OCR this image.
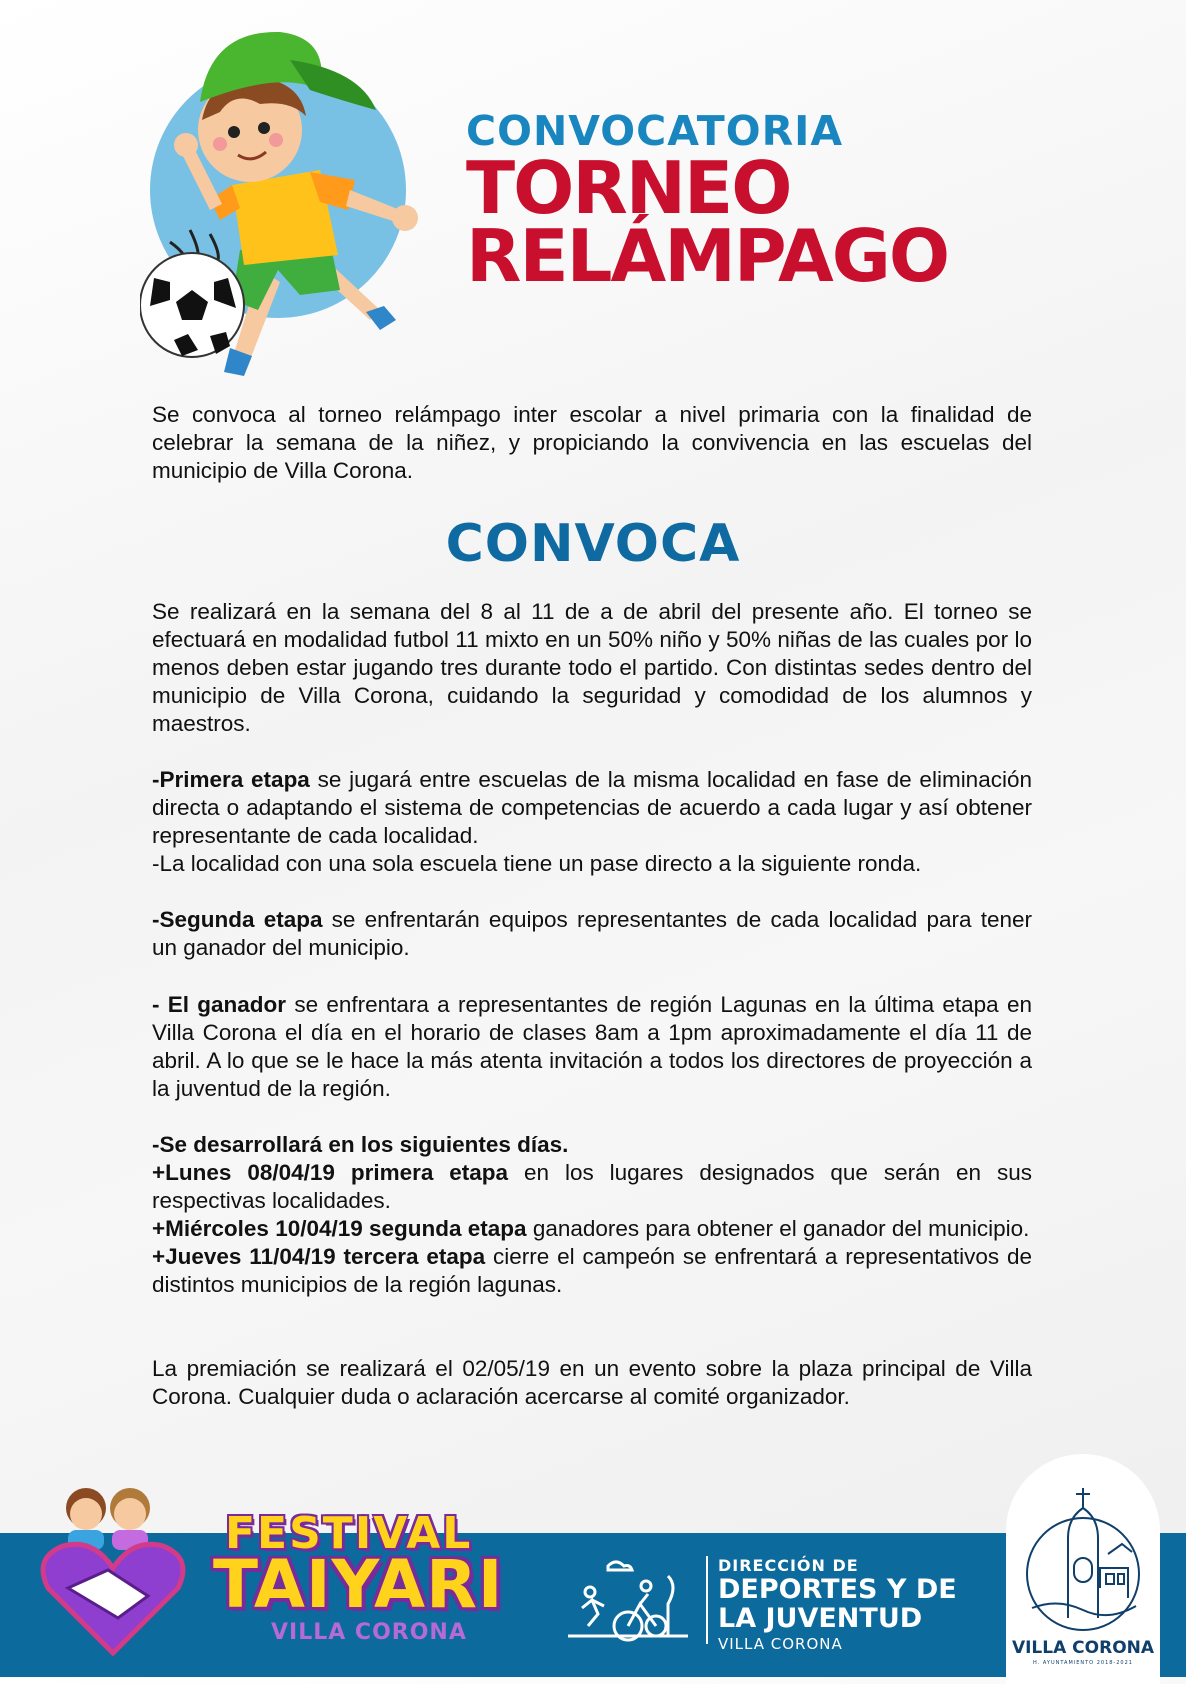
CONVOCATORIA
TORNEO
RELÁMPAGO

Se convoca al torneo relámpago inter escolar a nivel primaria con la finalidad de celebrar la semana de la niñez, y propiciando la convivencia en las escuelas del municipio de Villa Corona.

CONVOCA

Se realizará en la semana del 8 al 11 de a de abril del presente año. El torneo se efectuará en modalidad futbol 11 mixto en un 50% niño y 50% niñas de las cuales por lo menos deben estar jugando tres durante todo el partido. Con distintas sedes dentro del municipio de Villa Corona, cuidando la seguridad y comodidad de los alumnos y maestros.

-Primera etapa se jugará entre escuelas de la misma localidad en fase de eliminación directa o adaptando el sistema de competencias de acuerdo a cada lugar y así obtener representante de cada localidad.

-La localidad con una sola escuela tiene un pase directo a la siguiente ronda.

-Segunda etapa se enfrentarán equipos representantes de cada localidad para tener un ganador del municipio.

- El ganador se enfrentara a representantes de región Lagunas en la última etapa en Villa Corona el día en el horario de clases 8am a 1pm aproximadamente el día 11 de abril. A lo que se le hace la más atenta invitación a todos los directores de proyección a la juventud de la región.

-Se desarrollará en los siguientes días.

+Lunes 08/04/19 primera etapa en los lugares designados que serán en sus respectivas localidades.

+Miércoles 10/04/19 segunda etapa ganadores para obtener el ganador del municipio.

+Jueves 11/04/19 tercera etapa cierre el campeón se enfrentará a representativos de distintos municipios de la región lagunas.

La premiación se realizará el 02/05/19 en un evento sobre la plaza principal de Villa Corona. Cualquier duda o aclaración acercarse al comité organizador.

FESTIVAL
TAIYARI
VILLA CORONA
DIRECCIÓN DE
DEPORTES Y DE
LA JUVENTUD
VILLA CORONA	VILLA CORONA
H. AYUNTAMIENTO 2018-2021
